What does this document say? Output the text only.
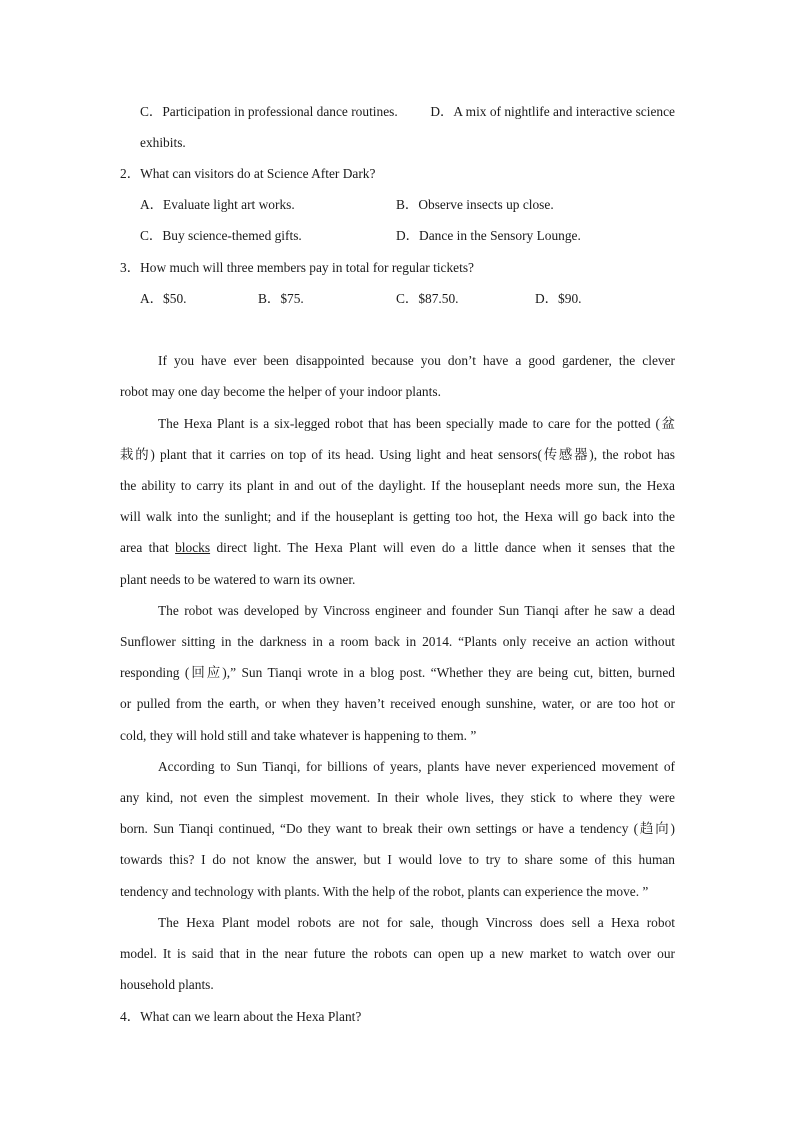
C．Participation in professional dance routines.	D．A mix of nightlife and interactive science
exhibits.
2．What can visitors do at Science After Dark?
A．Evaluate light art works.	B．Observe insects up close.
C．Buy science-themed gifts.	D．Dance in the Sensory Lounge.
3．How much will three members pay in total for regular tickets?
A．$50.	B．$75.	C．$87.50.	D．$90.
If you have ever been disappointed because you don’t have a good gardener, the clever
robot may one day become the helper of your indoor plants.
The Hexa Plant is a six-legged robot that has been specially made to care for the potted (盆
栽的) plant that it carries on top of its head. Using light and heat sensors(传感器), the robot has
the ability to carry its plant in and out of the daylight. If the houseplant needs more sun, the Hexa
will walk into the sunlight; and if the houseplant is getting too hot, the Hexa will go back into the
area that blocks direct light. The Hexa Plant will even do a little dance when it senses that the
plant needs to be watered to warn its owner.
The robot was developed by Vincross engineer and founder Sun Tianqi after he saw a dead
Sunflower sitting in the darkness in a room back in 2014. “Plants only receive an action without
responding (回应),” Sun Tianqi wrote in a blog post. “Whether they are being cut, bitten, burned
or pulled from the earth, or when they haven’t received enough sunshine, water, or are too hot or
cold, they will hold still and take whatever is happening to them. ”
According to Sun Tianqi, for billions of years, plants have never experienced movement of
any kind, not even the simplest movement. In their whole lives, they stick to where they were
born. Sun Tianqi continued, “Do they want to break their own settings or have a tendency (趋向)
towards this? I do not know the answer, but I would love to try to share some of this human
tendency and technology with plants. With the help of the robot, plants can experience the move. ”
The Hexa Plant model robots are not for sale, though Vincross does sell a Hexa robot
model. It is said that in the near future the robots can open up a new market to watch over our
household plants.
4．What can we learn about the Hexa Plant?
